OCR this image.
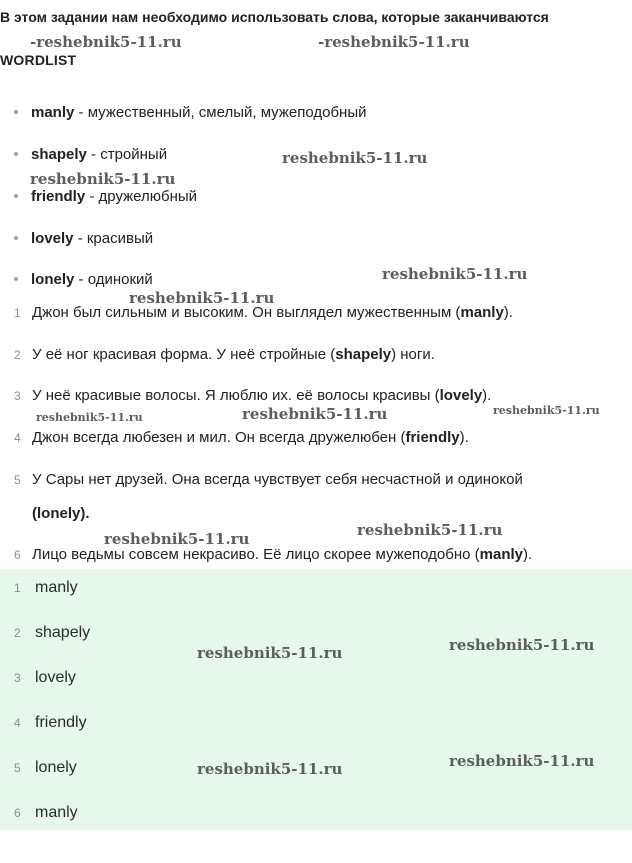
В этом задании нам необходимо использовать слова, которые заканчиваются
-reshebnik5-11.ru	-reshebnik5-11.ru
WORDLIST
manly - мужественный, смелый, мужеподобный
shapely - стройный
friendly - дружелюбный
lovely - красивый
lonely - одинокий
reshebnik5-11.ru
reshebnik5-11.ru
reshebnik5-11.ru
reshebnik5-11.ru
1 Джон был сильным и высоким. Он выглядел мужественным (manly).
2 У её ног красивая форма. У неё стройные (shapely) ноги.
3 У неё красивые волосы. Я люблю их. её волосы красивы (lovely).
reshebnik5-11.ru	reshebnik5-11.ru	reshebnik5-11.ru
4 Джон всегда любезен и мил. Он всегда дружелюбен (friendly).
5 У Сары нет друзей. Она всегда чувствует себя несчастной и одинокой
(lonely).
reshebnik5-11.ru	reshebnik5-11.ru
6 Лицо ведьмы совсем некрасиво. Её лицо скорее мужеподобно (manly).
1 manly
2 shapely
3 lovely
4 friendly
5 lonely
6 manly
reshebnik5-11.ru	reshebnik5-11.ru
reshebnik5-11.ru	reshebnik5-11.ru
